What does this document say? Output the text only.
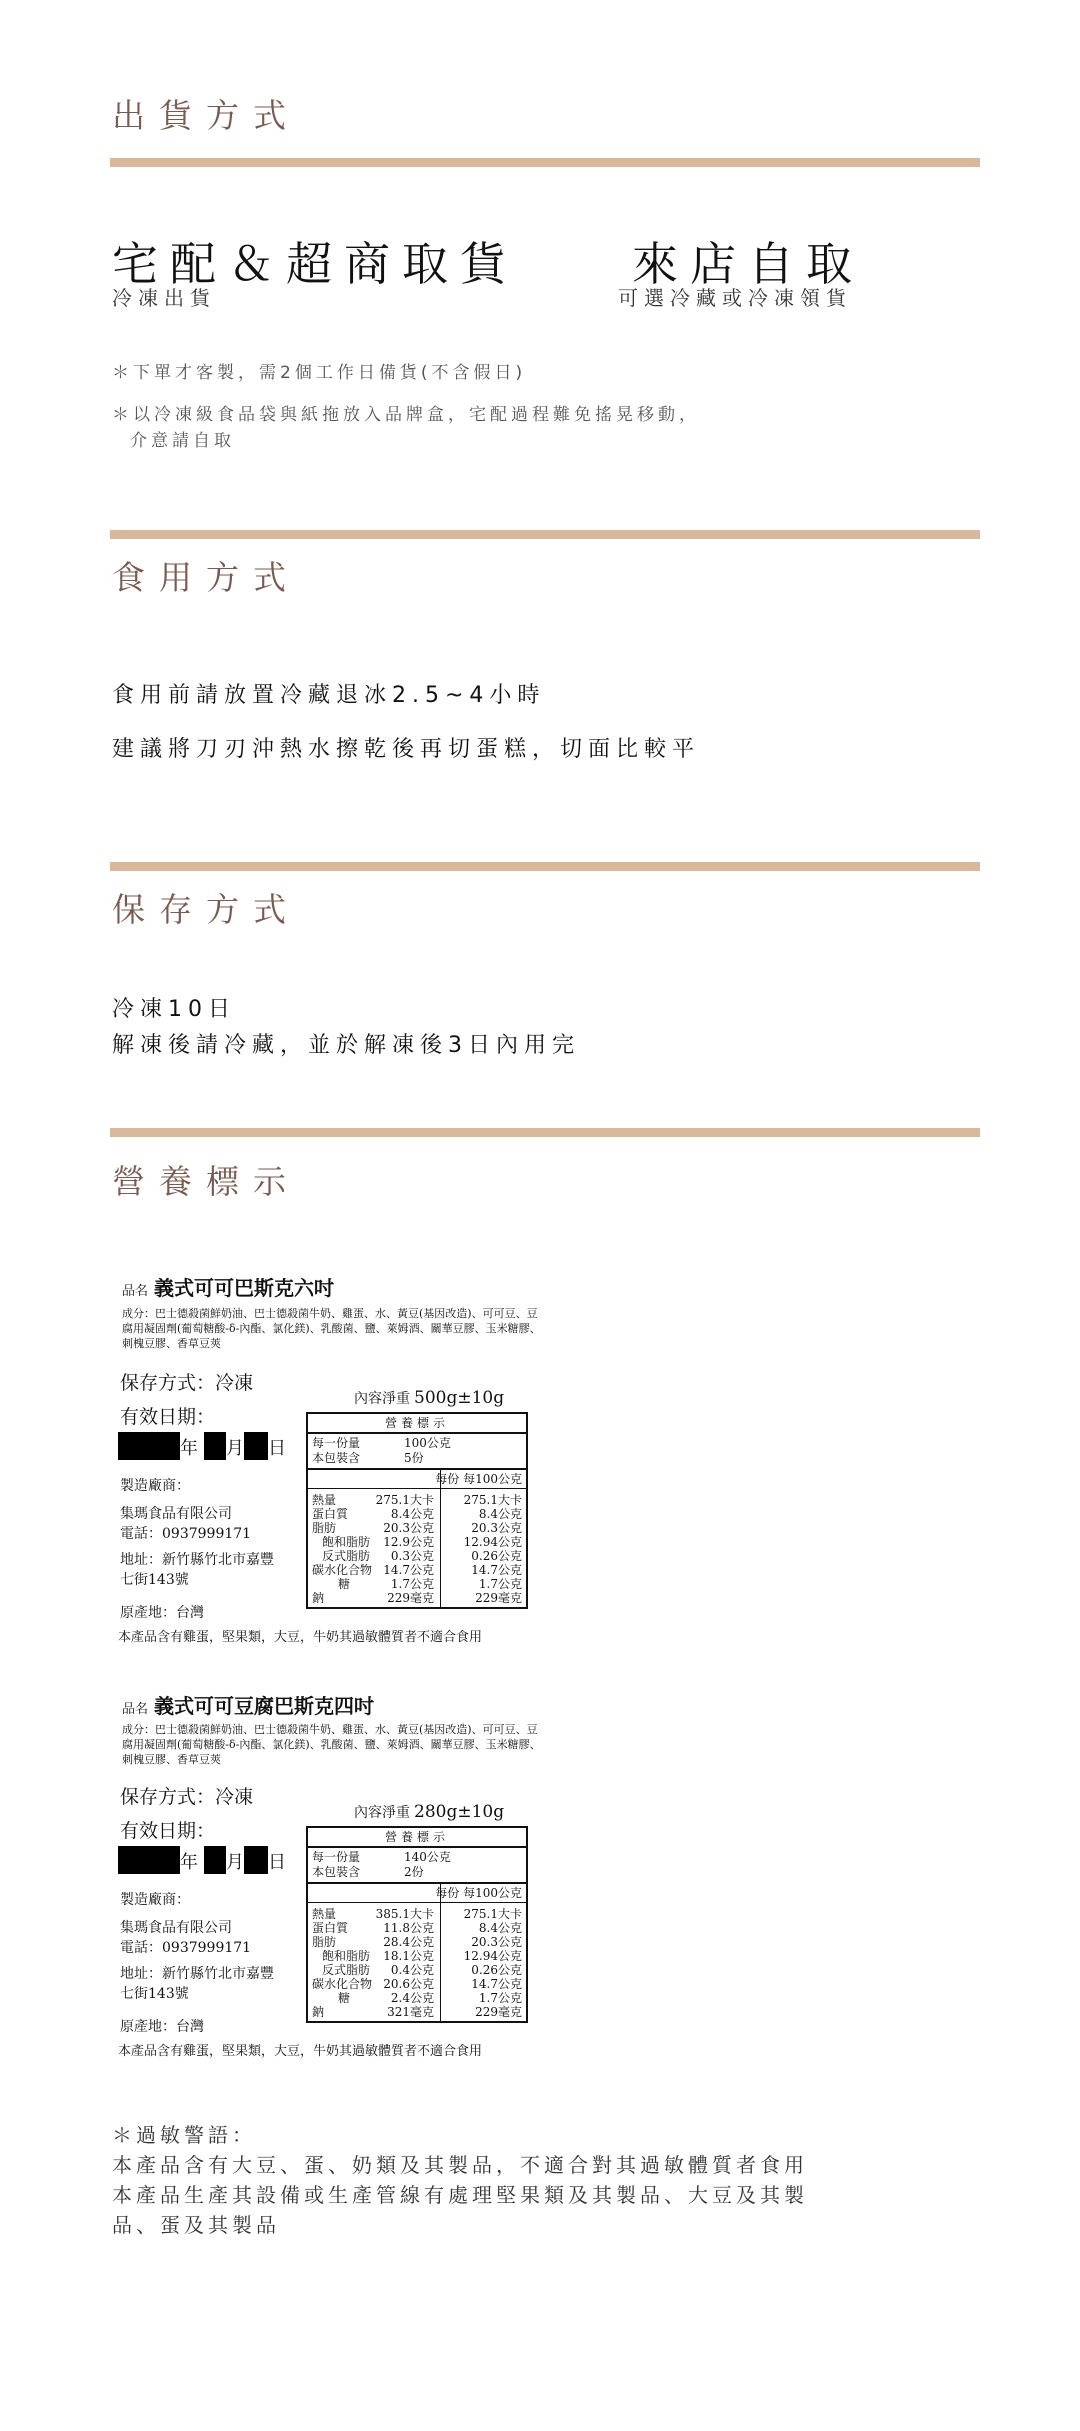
出貨方式
宅配＆超商取貨
冷凍出貨
來店自取
可選冷藏或冷凍領貨
＊下單才客製，需2個工作日備貨(不含假日)
＊以冷凍級食品袋與紙拖放入品牌盒，宅配過程難免搖晃移動，
介意請自取
食用方式
食用前請放置冷藏退冰2.5~4小時
建議將刀刃沖熱水擦乾後再切蛋糕，切面比較平
保存方式
冷凍10日
解凍後請冷藏，並於解凍後3日內用完
營養標示
品名 義式可可巴斯克六吋
成分：巴士德殺菌鮮奶油、巴士德殺菌牛奶、雞蛋、水、黃豆(基因改造)、可可豆、豆腐用凝固劑(葡萄糖酸-δ-內酯、氯化鎂)、乳酸菌、鹽、萊姆酒、關華豆膠、玉米糖膠、刺槐豆膠、香草豆莢
保存方式：冷凍
有效日期：
年 月 日
內容淨重 500g±10g
營養標示
每一份量	100公克
本包裝含	5份
每份 每100公克
熱量	275.1大卡 275.1大卡
蛋白質	8.4公克	8.4公克
脂肪	20.3公克	20.3公克
飽和脂肪 12.9公克 12.94公克
反式脂肪 0.3公克	0.26公克
碳水化合物 14.7公克	14.7公克
糖	1.7公克	1.7公克
鈉	229毫克	229毫克
製造廠商：
集瑪食品有限公司
電話：0937999171
地址：新竹縣竹北市嘉豐
七街143號
原產地：台灣
本產品含有雞蛋，堅果類，大豆，牛奶其過敏體質者不適合食用
品名 義式可可豆腐巴斯克四吋
成分：巴士德殺菌鮮奶油、巴士德殺菌牛奶、雞蛋、水、黃豆(基因改造)、可可豆、豆腐用凝固劑(葡萄糖酸-δ-內酯、氯化鎂)、乳酸菌、鹽、萊姆酒、關華豆膠、玉米糖膠、刺槐豆膠、香草豆莢
保存方式：冷凍
有效日期：
年 月 日
內容淨重 280g±10g
營養標示
每一份量	140公克
本包裝含	2份
每份 每100公克
熱量	385.1大卡 275.1大卡
蛋白質	11.8公克	8.4公克
脂肪	28.4公克	20.3公克
飽和脂肪 18.1公克 12.94公克
反式脂肪 0.4公克	0.26公克
碳水化合物 20.6公克	14.7公克
糖	2.4公克	1.7公克
鈉	321毫克	229毫克
製造廠商：
集瑪食品有限公司
電話：0937999171
地址：新竹縣竹北市嘉豐
七街143號
原產地：台灣
本產品含有雞蛋，堅果類，大豆，牛奶其過敏體質者不適合食用
＊過敏警語：
本產品含有大豆、蛋、奶類及其製品，不適合對其過敏體質者食用
本產品生產其設備或生產管線有處理堅果類及其製品、大豆及其製
品、蛋及其製品
